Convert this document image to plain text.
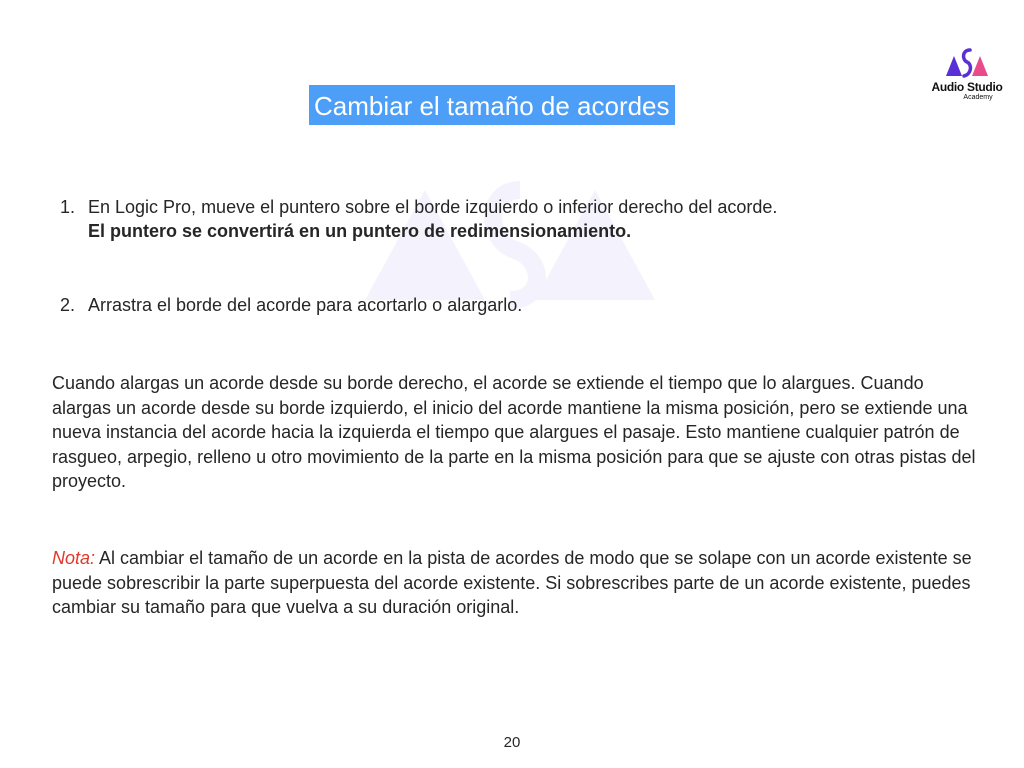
Audio Studio
Academy
Cambiar el tamaño de acordes
1. En Logic Pro, mueve el puntero sobre el borde izquierdo o inferior derecho del acorde.
El puntero se convertirá en un puntero de redimensionamiento.
2. Arrastra el borde del acorde para acortarlo o alargarlo.
Cuando alargas un acorde desde su borde derecho, el acorde se extiende el tiempo que lo alargues. Cuando alargas un acorde desde su borde izquierdo, el inicio del acorde mantiene la misma posición, pero se extiende una nueva instancia del acorde hacia la izquierda el tiempo que alargues el pasaje. Esto mantiene cualquier patrón de rasgueo, arpegio, relleno u otro movimiento de la parte en la misma posición para que se ajuste con otras pistas del proyecto.
Nota: Al cambiar el tamaño de un acorde en la pista de acordes de modo que se solape con un acorde existente se puede sobrescribir la parte superpuesta del acorde existente. Si sobrescribes parte de un acorde existente, puedes cambiar su tamaño para que vuelva a su duración original.
20
